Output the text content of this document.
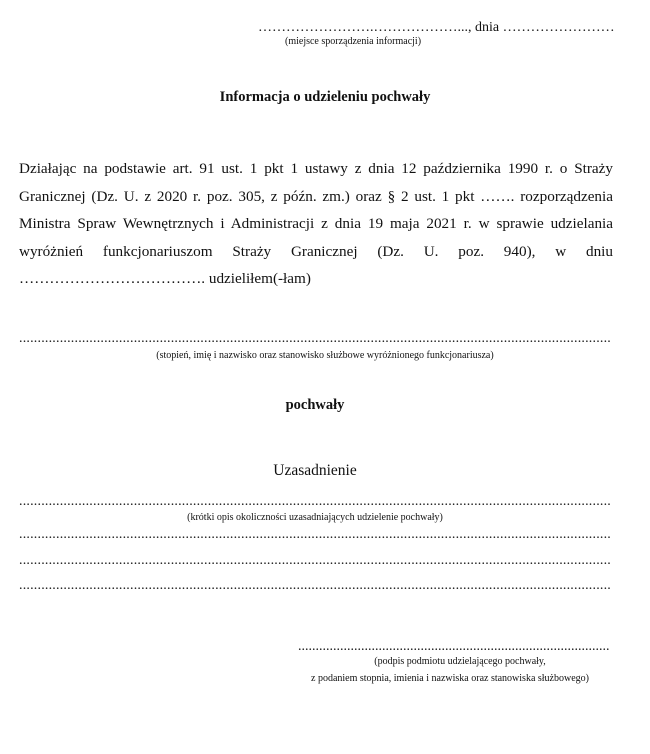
…………………….………………..., dnia ……………………
(miejsce sporządzenia informacji)
Informacja o udzieleniu pochwały
Działając na podstawie art. 91 ust. 1 pkt 1 ustawy z dnia 12 października 1990 r. o Straży Granicznej (Dz. U. z 2020 r. poz. 305, z późn. zm.) oraz § 2 ust. 1 pkt ……. rozporządzenia Ministra Spraw Wewnętrznych i Administracji z dnia 19 maja 2021 r. w sprawie udzielania wyróżnień funkcjonariuszom Straży Granicznej (Dz. U. poz. 940), w dniu ………………………………. udzieliłem(-łam)
.....
(stopień, imię i nazwisko oraz stanowisko służbowe wyróżnionego funkcjonariusza)
pochwały
Uzasadnienie
.....
(krótki opis okoliczności uzasadniających udzielenie pochwały)
.....
.....
.....
.....
(podpis podmiotu udzielającego pochwały,
z podaniem stopnia, imienia i nazwiska oraz stanowiska służbowego)
